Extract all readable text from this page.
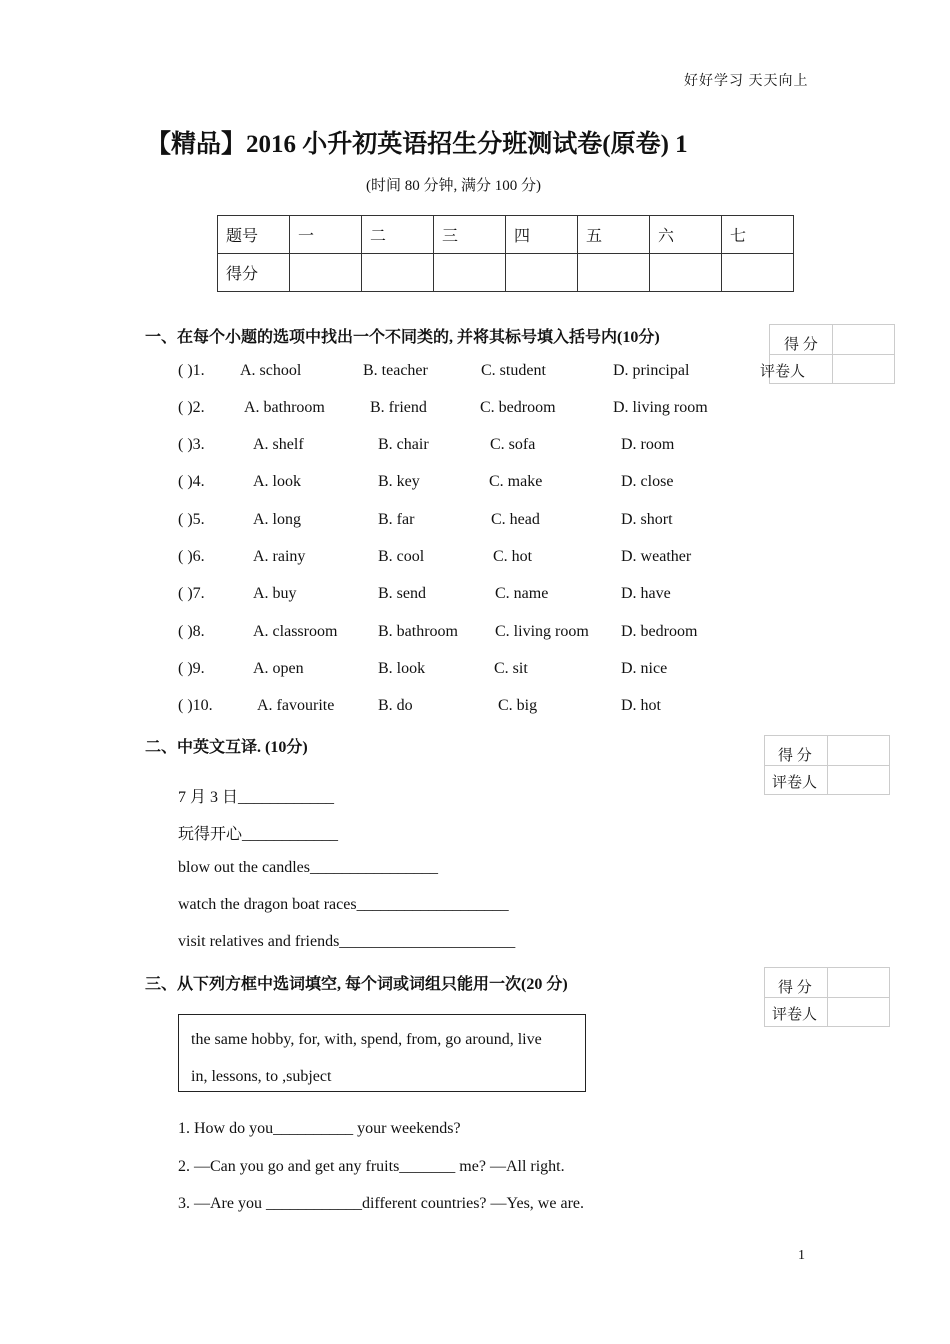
好好学习 天天向上
【精品】2016 小升初英语招生分班测试卷(原卷) 1
(时间 80 分钟, 满分 100 分)
题号	一	二	三	四	五	六	七
得分							
一、在每个小题的选项中找出一个不同类的, 并将其标号填入括号内(10分)	得 分
评卷人
( )1. A. school	B. teacher	C. student	D. principal
( )2. A. bathroom	B. friend	C. bedroom	D. living room
( )3.	A. shelf	B. chair	C. sofa	D. room
( )4.	A. look	B. key	C. make	D. close
( )5.	A. long	B. far	C. head	D. short
( )6.	A. rainy	B. cool	C. hot	D. weather
( )7.	A. buy	B. send	C. name	D. have
( )8.	A. classroom	B. bathroom C. living room D. bedroom
( )9.	A. open	B. look	C. sit	D. nice
( )10.	A. favourite	B. do	C. big	D. hot
二、中英文互译. (10分)	得 分
评卷人
7 月 3 日____________
玩得开心____________
blow out the candles________________
watch the dragon boat races___________________
visit relatives and friends______________________
三、从下列方框中选词填空, 每个词或词组只能用一次(20 分)	得 分
评卷人
the same hobby, for, with, spend, from, go around, live
in, lessons, to ,subject
1. How do you__________ your weekends?
2. —Can you go and get any fruits_______ me? —All right.
3. —Are you ____________different countries? —Yes, we are.
1
